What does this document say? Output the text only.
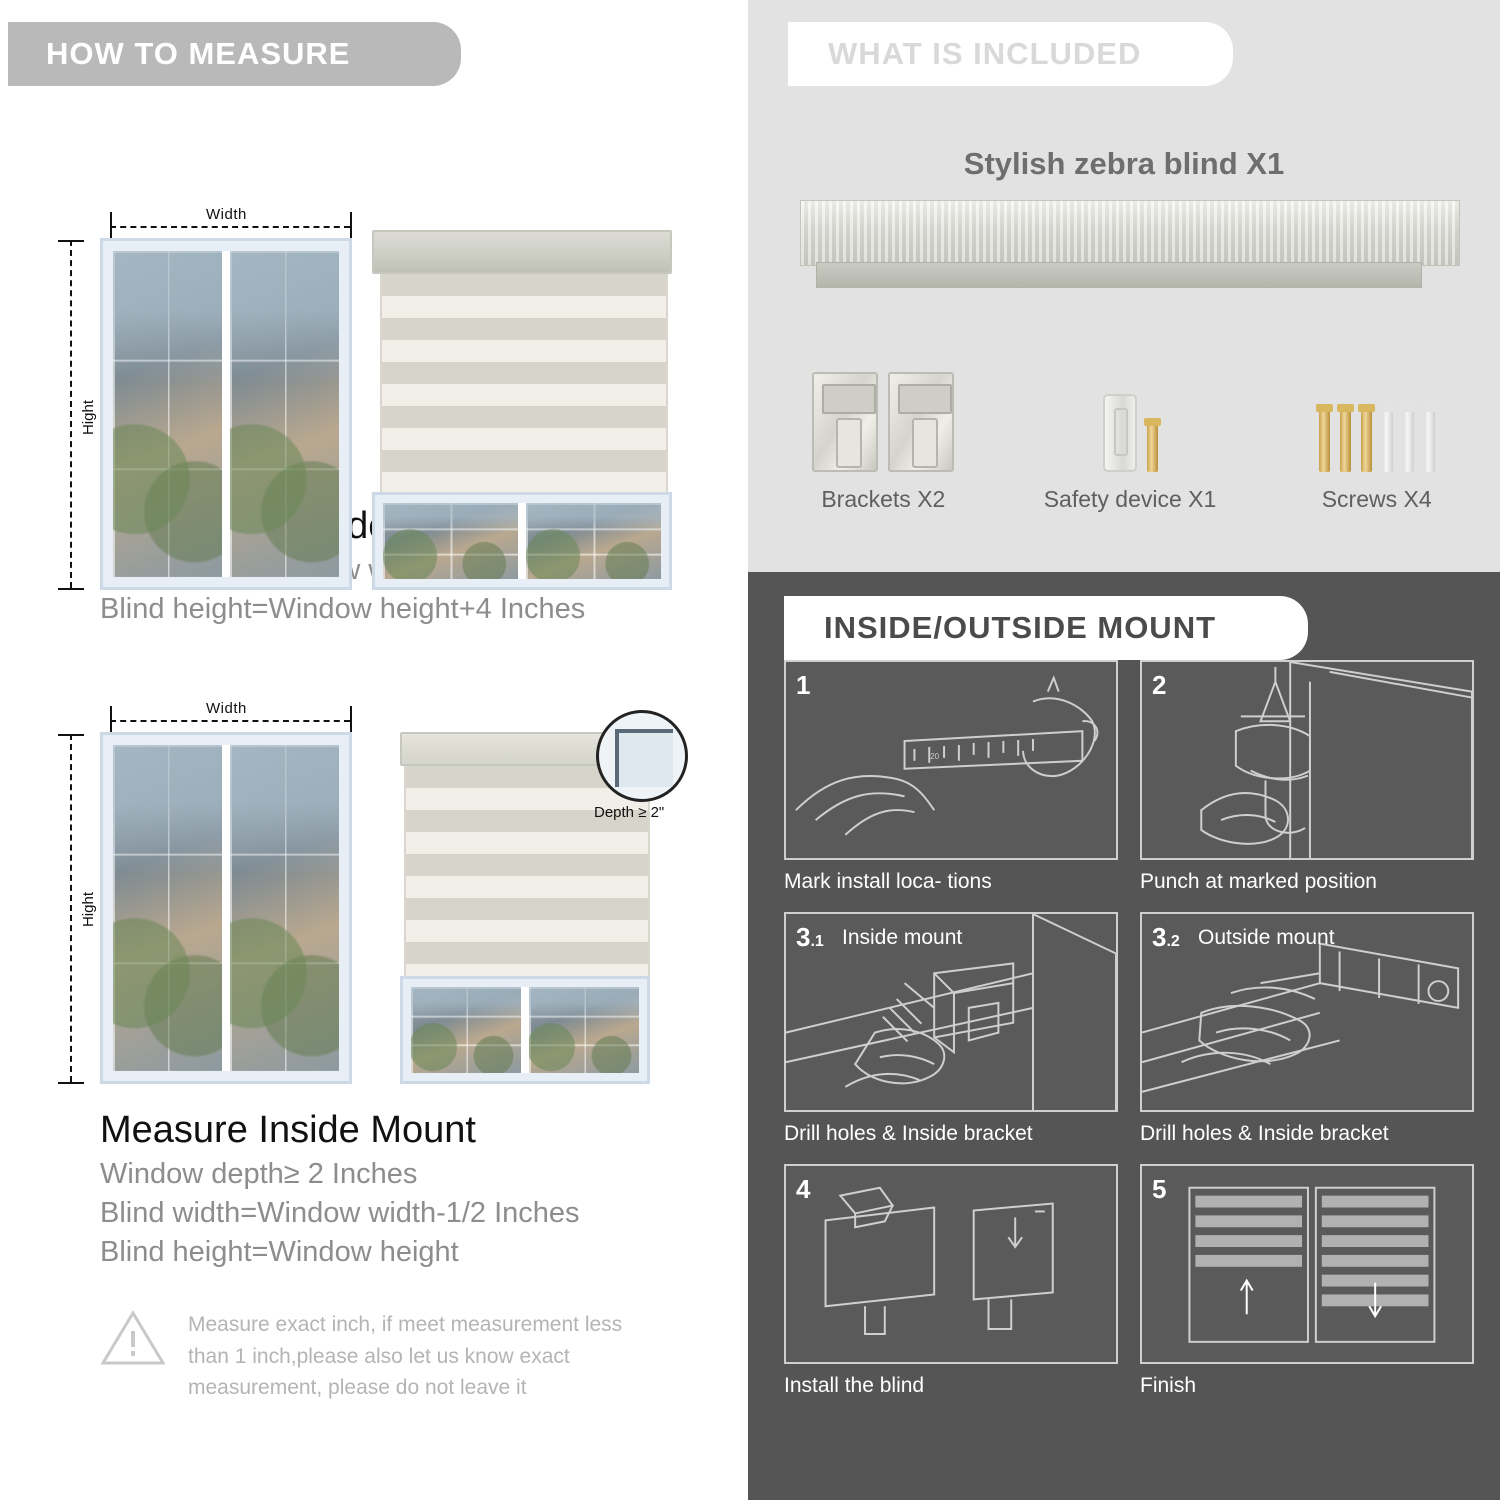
HOW TO MEASURE
Width
Hight
Blind height=Window height+4 Inches
Width
Hight
Depth ≥ 2"
Measure Inside Mount
Window depth≥ 2 Inches
Blind width=Window width-1/2 Inches
Blind height=Window height

Measure exact inch, if meet measurement less than 1 inch,please also let us know exact measurement, please do not leave it

WHAT IS INCLUDED
Stylish zebra blind X1
Brackets X2	Safety device X1	Screws X4
INSIDE/OUTSIDE MOUNT
1
20
Mark install loca- tions
2
Punch at marked position
3.1 Inside mount
Drill holes & Inside bracket
3.2 Outside mount
Drill holes & Inside bracket
4
Install the blind
5
Finish
